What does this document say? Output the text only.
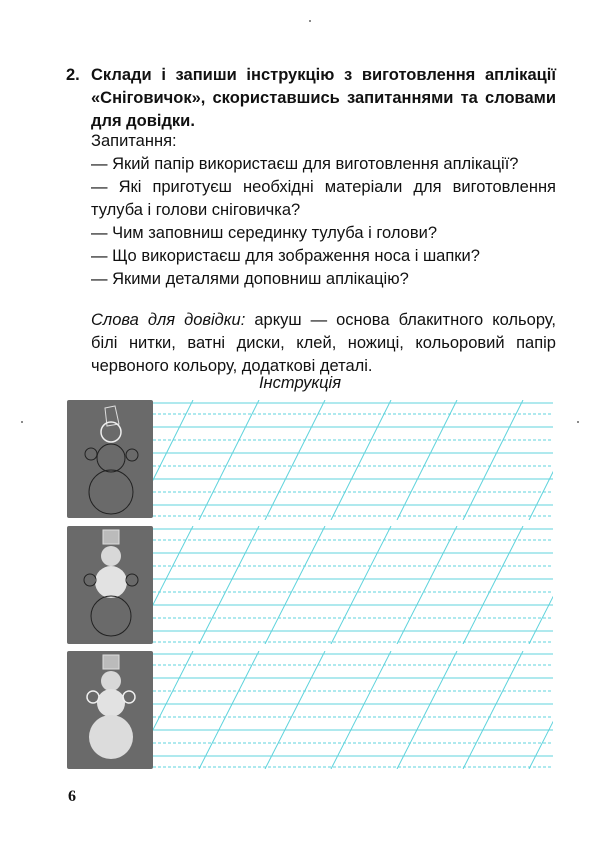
2. Склади і запиши інструкцію з виготовлення аплікації «Сніговичок», скориставшись запитаннями та словами для довідки.

Запитання:

— Який папір використаєш для виготовлення аплікації?

— Які приготуєш необхідні матеріали для виготовлення тулуба і голови сніговичка?

— Чим заповниш серединку тулуба і голови?

— Що використаєш для зображення носа і шапки?

— Якими деталями доповниш аплікацію?

Слова для довідки: аркуш — основа блакитного кольору, білі нитки, ватні диски, клей, ножиці, кольоровий папір червоного кольору, додаткові деталі.
Інструкція
6
